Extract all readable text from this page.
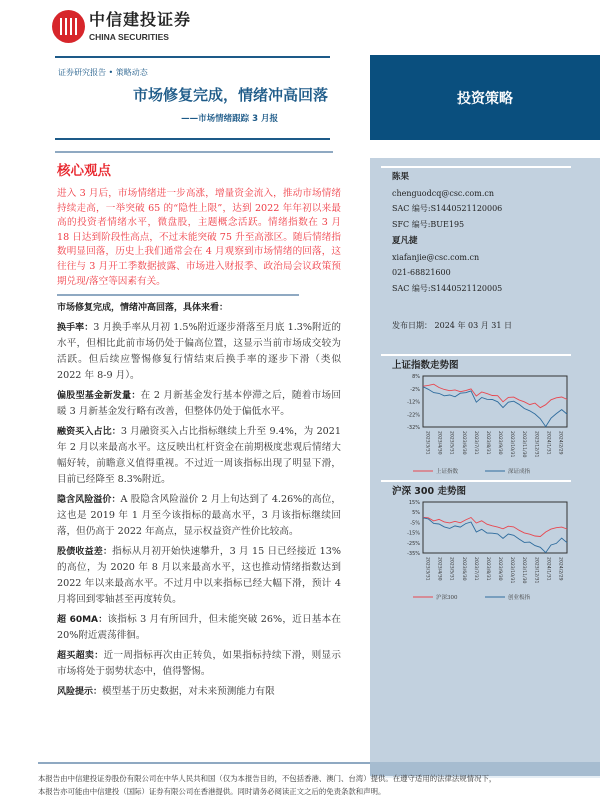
中信建投证券
CHINA SECURITIES
证券研究报告 • 策略动态
市场修复完成，情绪冲高回落
——市场情绪跟踪 3 月报
投资策略
陈果
chenguodcq@csc.com.cn
SAC 编号:S1440521120006
SFC 编号:BUE195
夏凡捷
xiafanjie@csc.com.cn
021-68821600
SAC 编号:S1440521120005
发布日期： 2024 年 03 月 31 日
上证指数走势图
8%
-2%
-12%
-22%
-32%
2023/3/31 2023/4/30 2023/5/31 2023/6/30 2023/7/31 2023/8/31 2023/9/30 2023/10/31 2023/11/30 2023/12/31 2024/1/31 2024/2/29
上证指数	深证成指
沪深 300 走势图
15%
5%
-5%
-15%
-25%
-35%
2023/3/31 2023/4/30 2023/5/31 2023/6/30 2023/7/31 2023/8/31 2023/9/30 2023/10/31 2023/11/30 2023/12/31 2024/1/31 2024/2/29
沪深300	创业板指
核心观点
进入 3 月后，市场情绪进一步高涨，增量资金流入，推动市场情绪持续走高，一举突破 65 的“隐性上限”，达到 2022 年年初以来最高的投资者情绪水平，微盘股，主题概念活跃。情绪指数在 3 月 18 日达到阶段性高点，不过未能突破 75 升至高涨区。随后情绪指数明显回落，历史上我们通常会在 4 月观察到市场情绪的回落，这往往与 3 月开工季数据披露、市场进入财报季、政治局会议政策预期兑现/落空等因素有关。
市场修复完成，情绪冲高回落，具体来看：

换手率：3 月换手率从月初 1.5%附近逐步滑落至月底 1.3%附近的水平，但相比此前市场仍处于偏高位置，这显示当前市场成交较为活跃。但后续应警惕修复行情结束后换手率的逐步下滑（类似 2022 年 8-9 月）。

偏股型基金新发量：在 2 月新基金发行基本停滞之后，随着市场回暖 3 月新基金发行略有改善，但整体仍处于偏低水平。

融资买入占比：3 月融资买入占比指标继续上升至 9.4%，为 2021 年 2 月以来最高水平。这反映出杠杆资金在前期极度悲观后情绪大幅好转，前瞻意义值得重视。不过近一周该指标出现了明显下滑，目前已经降至 8.3%附近。

隐含风险溢价：A 股隐含风险溢价 2 月上旬达到了 4.26%的高位，这也是 2019 年 1 月至今该指标的最高水平，3 月该指标继续回落，但仍高于 2022 年高点，显示权益资产性价比较高。

股债收益差：指标从月初开始快速攀升，3 月 15 日已经接近 13%的高位，为 2020 年 8 月以来最高水平，这也推动情绪指数达到 2022 年以来最高水平。不过月中以来指标已经大幅下滑，预计 4 月将回到零轴甚至再度转负。

超 60MA：该指标 3 月有所回升，但未能突破 26%，近日基本在 20%附近震荡徘徊。

超买超卖：近一周指标再次由正转负，如果指标持续下滑，则显示市场将处于弱势状态中，值得警惕。

风险提示：模型基于历史数据，对未来预测能力有限

本报告由中信建投证券股份有限公司在中华人民共和国（仅为本报告目的，不包括香港、澳门、台湾）提供。在遵守适用的法律法规情况下，
本报告亦可能由中信建投（国际）证券有限公司在香港提供。同时请务必阅读正文之后的免责条款和声明。
